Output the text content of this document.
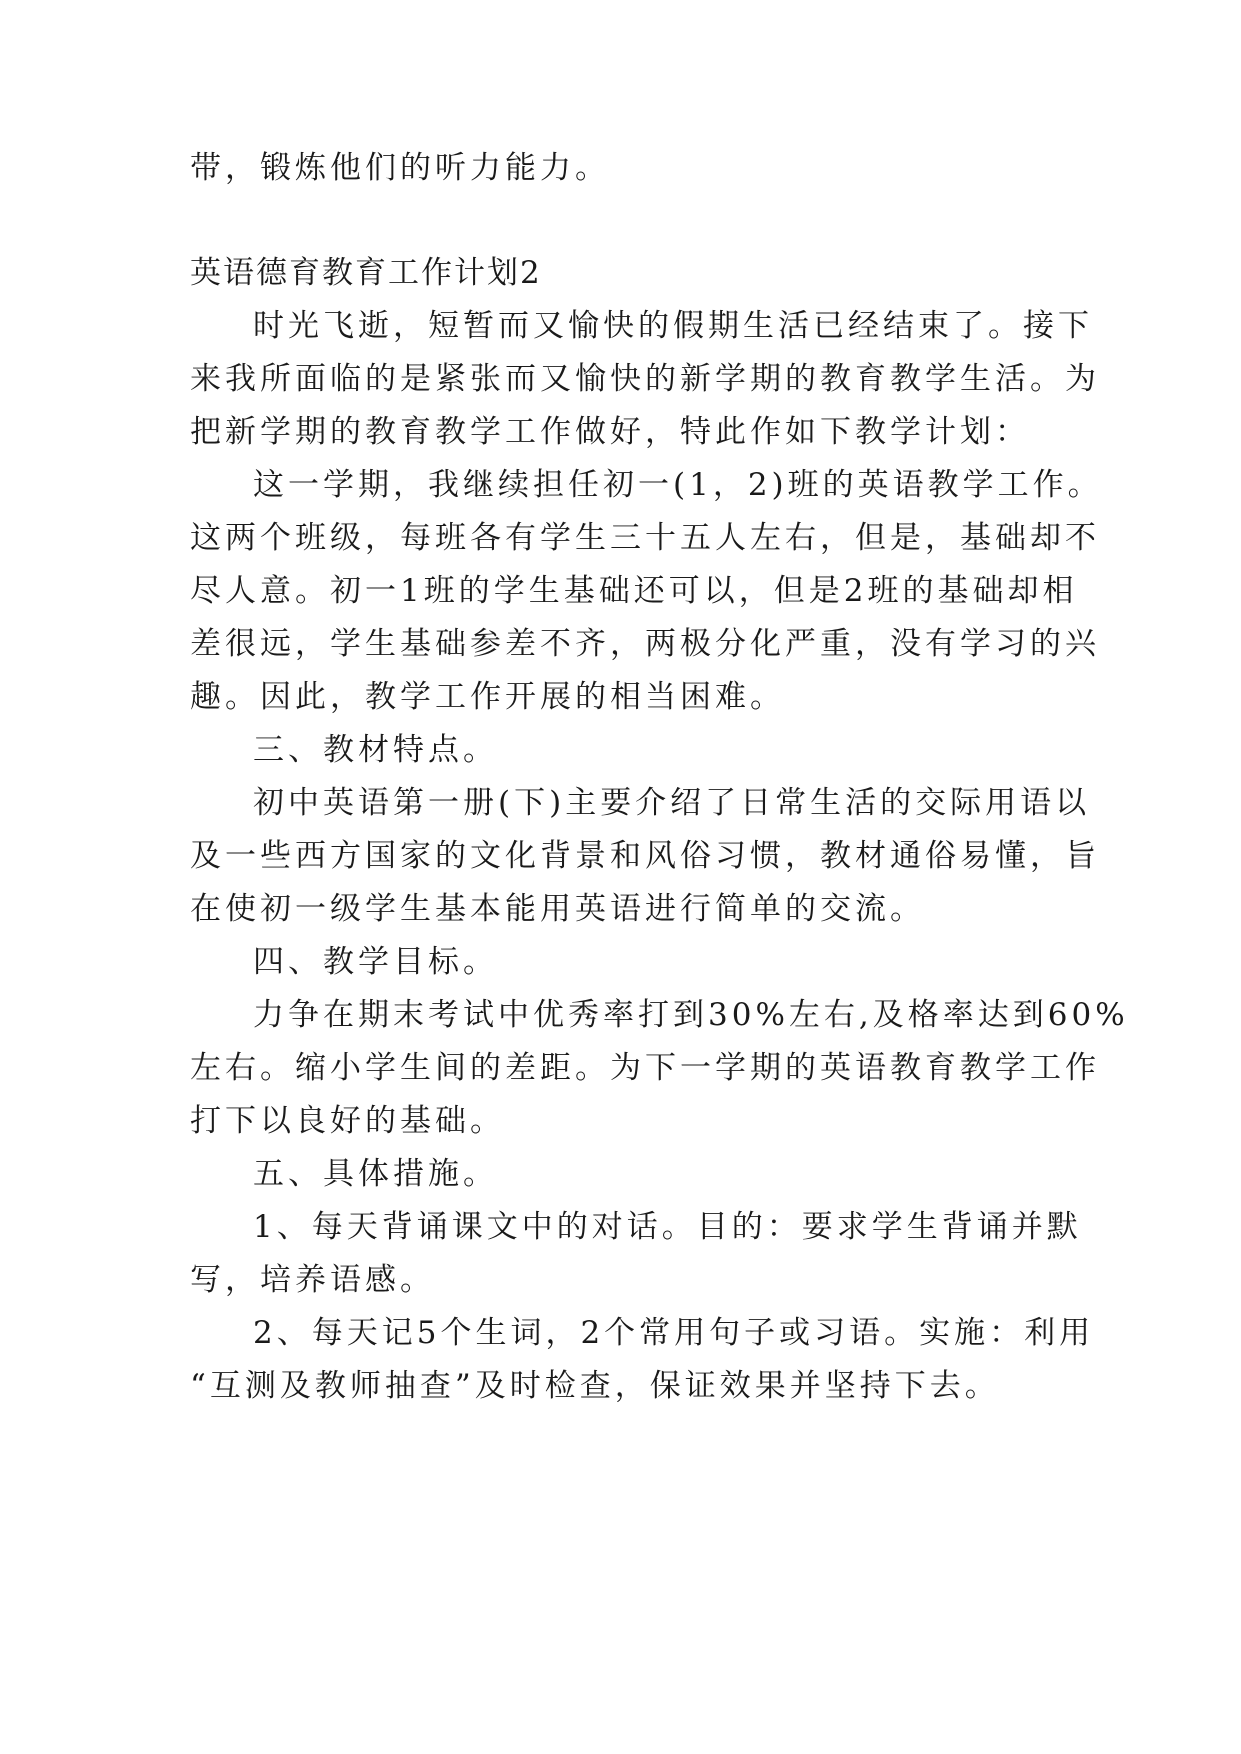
带，锻炼他们的听力能力。
英语德育教育工作计划2
时光飞逝，短暂而又愉快的假期生活已经结束了。接下
来我所面临的是紧张而又愉快的新学期的教育教学生活。为
把新学期的教育教学工作做好，特此作如下教学计划：
这一学期，我继续担任初一(1，2)班的英语教学工作。
这两个班级，每班各有学生三十五人左右，但是，基础却不
尽人意。初一1班的学生基础还可以，但是2班的基础却相
差很远，学生基础参差不齐，两极分化严重，没有学习的兴
趣。因此，教学工作开展的相当困难。
三、教材特点。
初中英语第一册(下)主要介绍了日常生活的交际用语以
及一些西方国家的文化背景和风俗习惯，教材通俗易懂，旨
在使初一级学生基本能用英语进行简单的交流。
四、教学目标。
力争在期末考试中优秀率打到30%左右,及格率达到60%
左右。缩小学生间的差距。为下一学期的英语教育教学工作
打下以良好的基础。
五、具体措施。
1、每天背诵课文中的对话。目的：要求学生背诵并默
写，培养语感。
2、每天记5个生词，2个常用句子或习语。实施：利用
“互测及教师抽查”及时检查，保证效果并坚持下去。
